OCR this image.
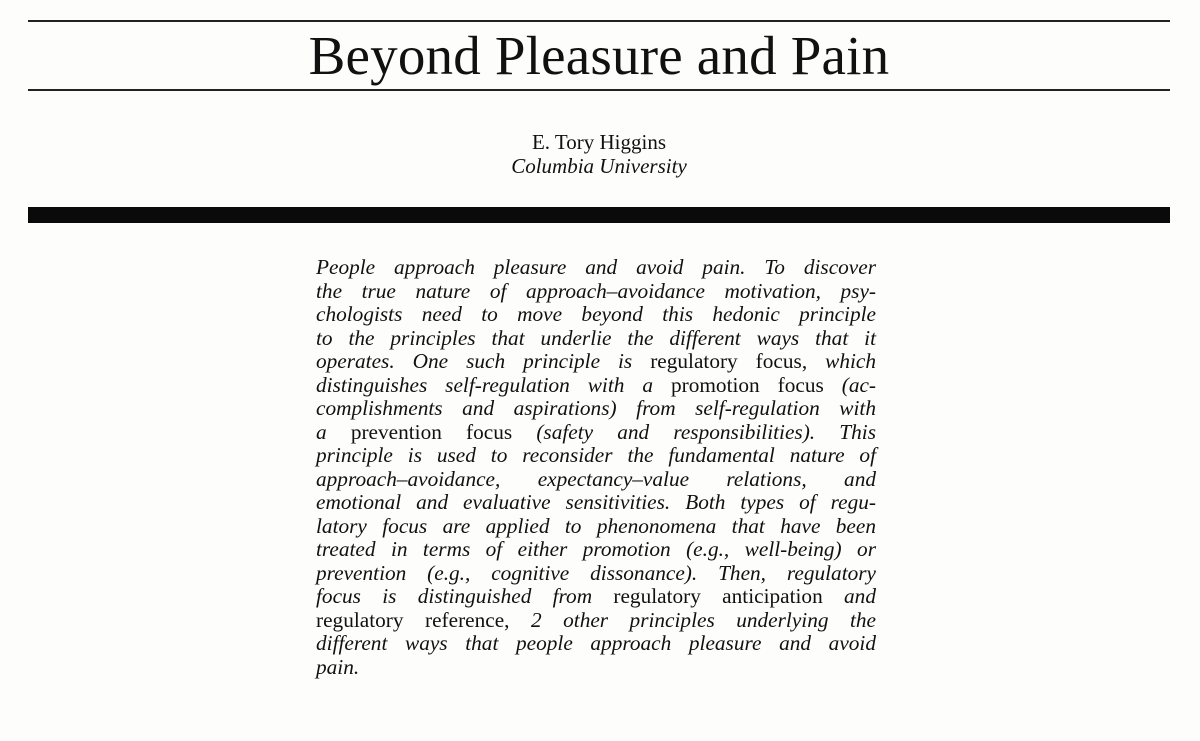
Beyond Pleasure and Pain
E. Tory Higgins
Columbia University
People approach pleasure and avoid pain. To discover
the true nature of approach–avoidance motivation, psy-
chologists need to move beyond this hedonic principle
to the principles that underlie the different ways that it
operates. One such principle is regulatory focus, which
distinguishes self-regulation with a promotion focus (ac-
complishments and aspirations) from self-regulation with
a prevention focus (safety and responsibilities). This
principle is used to reconsider the fundamental nature of
approach–avoidance, expectancy–value relations, and
emotional and evaluative sensitivities. Both types of regu-
latory focus are applied to phenonomena that have been
treated in terms of either promotion (e.g., well-being) or
prevention (e.g., cognitive dissonance). Then, regulatory
focus is distinguished from regulatory anticipation and
regulatory reference, 2 other principles underlying the
different ways that people approach pleasure and avoid
pain.
